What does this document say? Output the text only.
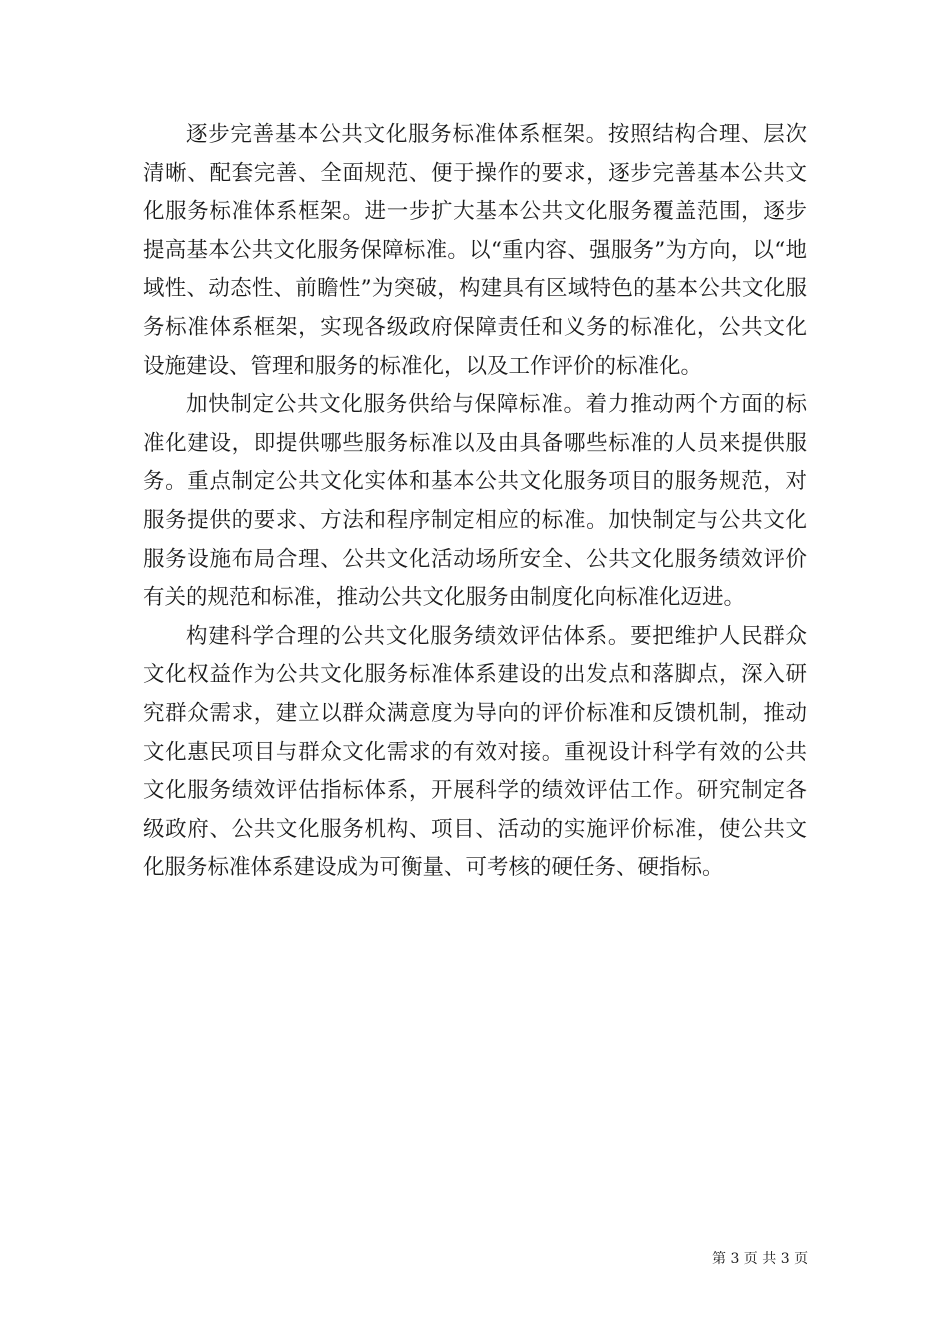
逐步完善基本公共文化服务标准体系框架。按照结构合理、层次清晰、配套完善、全面规范、便于操作的要求，逐步完善基本公共文化服务标准体系框架。进一步扩大基本公共文化服务覆盖范围，逐步提高基本公共文化服务保障标准。以“重内容、强服务”为方向，以“地域性、动态性、前瞻性”为突破，构建具有区域特色的基本公共文化服务标准体系框架，实现各级政府保障责任和义务的标准化，公共文化设施建设、管理和服务的标准化，以及工作评价的标准化。

加快制定公共文化服务供给与保障标准。着力推动两个方面的标准化建设，即提供哪些服务标准以及由具备哪些标准的人员来提供服务。重点制定公共文化实体和基本公共文化服务项目的服务规范，对服务提供的要求、方法和程序制定相应的标准。加快制定与公共文化服务设施布局合理、公共文化活动场所安全、公共文化服务绩效评价有关的规范和标准，推动公共文化服务由制度化向标准化迈进。

构建科学合理的公共文化服务绩效评估体系。要把维护人民群众文化权益作为公共文化服务标准体系建设的出发点和落脚点，深入研究群众需求，建立以群众满意度为导向的评价标准和反馈机制，推动文化惠民项目与群众文化需求的有效对接。重视设计科学有效的公共文化服务绩效评估指标体系，开展科学的绩效评估工作。研究制定各级政府、公共文化服务机构、项目、活动的实施评价标准，使公共文化服务标准体系建设成为可衡量、可考核的硬任务、硬指标。

第 3 页 共 3 页
